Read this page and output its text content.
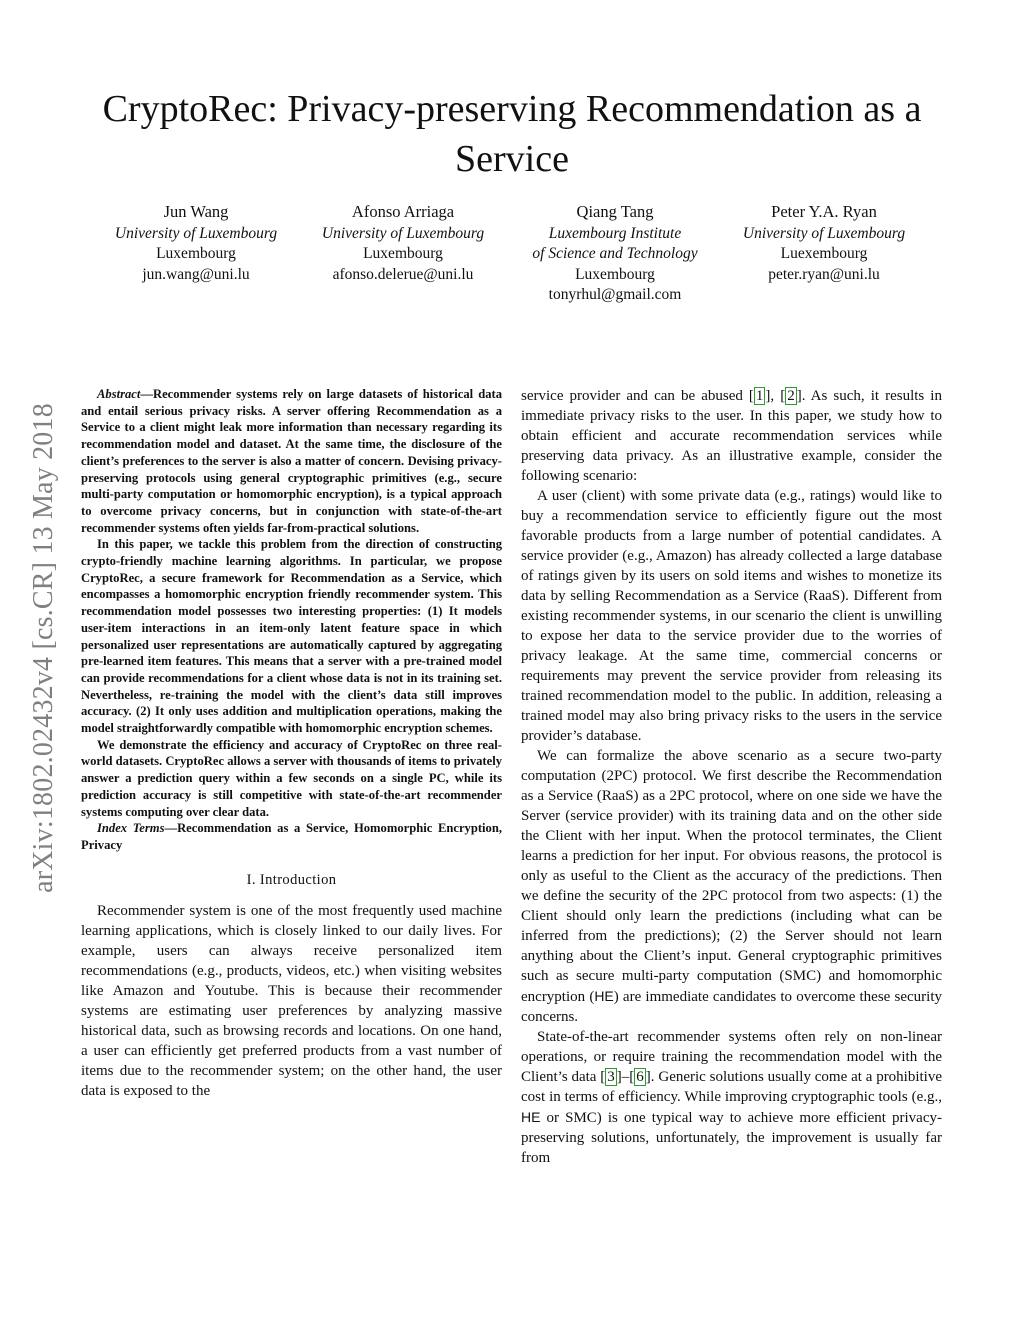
arXiv:1802.02432v4 [cs.CR] 13 May 2018
CryptoRec: Privacy-preserving Recommendation as a Service
Jun Wang
University of Luxembourg
Luxembourg
jun.wang@uni.lu
Afonso Arriaga
University of Luxembourg
Luxembourg
afonso.delerue@uni.lu
Qiang Tang
Luxembourg Institute
of Science and Technology
Luxembourg
tonyrhul@gmail.com
Peter Y.A. Ryan
University of Luxembourg
Luexembourg
peter.ryan@uni.lu

Abstract—Recommender systems rely on large datasets of historical data and entail serious privacy risks. A server offering Recommendation as a Service to a client might leak more information than necessary regarding its recommendation model and dataset. At the same time, the disclosure of the client’s preferences to the server is also a matter of concern. Devising privacy-preserving protocols using general cryptographic primitives (e.g., secure multi-party computation or homomorphic encryption), is a typical approach to overcome privacy concerns, but in conjunction with state-of-the-art recommender systems often yields far-from-practical solutions.

In this paper, we tackle this problem from the direction of constructing crypto-friendly machine learning algorithms. In particular, we propose CryptoRec, a secure framework for Recommendation as a Service, which encompasses a homomorphic encryption friendly recommender system. This recommendation model possesses two interesting properties: (1) It models user-item interactions in an item-only latent feature space in which personalized user representations are automatically captured by aggregating pre-learned item features. This means that a server with a pre-trained model can provide recommendations for a client whose data is not in its training set. Nevertheless, re-training the model with the client’s data still improves accuracy. (2) It only uses addition and multiplication operations, making the model straightforwardly compatible with homomorphic encryption schemes.

We demonstrate the efficiency and accuracy of CryptoRec on three real-world datasets. CryptoRec allows a server with thousands of items to privately answer a prediction query within a few seconds on a single PC, while its prediction accuracy is still competitive with state-of-the-art recommender systems computing over clear data.

Index Terms—Recommendation as a Service, Homomorphic Encryption, Privacy

I. Introduction

Recommender system is one of the most frequently used machine learning applications, which is closely linked to our daily lives. For example, users can always receive personalized item recommendations (e.g., products, videos, etc.) when visiting websites like Amazon and Youtube. This is because their recommender systems are estimating user preferences by analyzing massive historical data, such as browsing records and locations. On one hand, a user can efficiently get preferred products from a vast number of items due to the recommender system; on the other hand, the user data is exposed to the

service provider and can be abused [ 1 ], [ 2 ]. As such, it results in immediate privacy risks to the user. In this paper, we study how to obtain efficient and accurate recommendation services while preserving data privacy. As an illustrative example, consider the following scenario:

A user (client) with some private data (e.g., ratings) would like to buy a recommendation service to efficiently figure out the most favorable products from a large number of potential candidates. A service provider (e.g., Amazon) has already collected a large database of ratings given by its users on sold items and wishes to monetize its data by selling Recommendation as a Service (RaaS). Different from existing recommender systems, in our scenario the client is unwilling to expose her data to the service provider due to the worries of privacy leakage. At the same time, commercial concerns or requirements may prevent the service provider from releasing its trained recommendation model to the public. In addition, releasing a trained model may also bring privacy risks to the users in the service provider’s database.

We can formalize the above scenario as a secure two-party computation (2PC) protocol. We first describe the Recommendation as a Service (RaaS) as a 2PC protocol, where on one side we have the Server (service provider) with its training data and on the other side the Client with her input. When the protocol terminates, the Client learns a prediction for her input. For obvious reasons, the protocol is only as useful to the Client as the accuracy of the predictions. Then we define the security of the 2PC protocol from two aspects: (1) the Client should only learn the predictions (including what can be inferred from the predictions); (2) the Server should not learn anything about the Client’s input. General cryptographic primitives such as secure multi-party computation (SMC) and homomorphic encryption (HE) are immediate candidates to overcome these security concerns.

State-of-the-art recommender systems often rely on non-linear operations, or require training the recommendation model with the Client’s data [ 3 ]–[ 6 ]. Generic solutions usually come at a prohibitive cost in terms of efficiency. While improving cryptographic tools (e.g., HE or SMC) is one typical way to achieve more efficient privacy-preserving solutions, unfortunately, the improvement is usually far from
